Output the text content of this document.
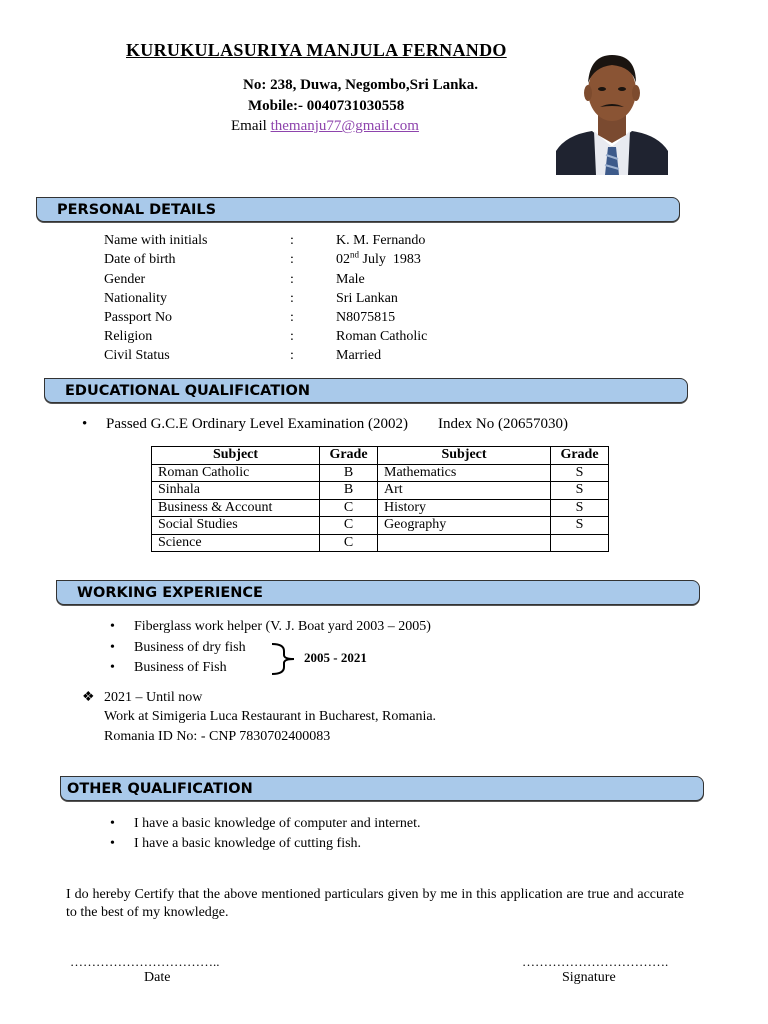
KURUKULASURIYA MANJULA FERNANDO
No: 238, Duwa, Negombo,Sri Lanka.
Mobile:- 0040731030558
Email themanju77@gmail.com
PERSONAL DETAILS
Name with initials	:	K. M. Fernando
Date of birth	:	02nd July  1983
Gender	:	Male
Nationality	:	Sri Lankan
Passport No	:	N8075815
Religion	:	Roman Catholic
Civil Status	:	Married
EDUCATIONAL QUALIFICATION
• Passed G.C.E Ordinary Level Examination (2002) Index No (20657030)
Subject	Grade	Subject	Grade
Roman Catholic	B	Mathematics	S
Sinhala	B	Art	S
Business & Account	C	History	S
Social Studies	C	Geography	S
Science	C		
WORKING EXPERIENCE
• Fiberglass work helper (V. J. Boat yard 2003 – 2005)
• Business of dry fish
• Business of Fish
2005 - 2021
❖ 2021 – Until now
Work at Simigeria Luca Restaurant in Bucharest, Romania.
Romania ID No: - CNP 7830702400083
OTHER QUALIFICATION
• I have a basic knowledge of computer and internet.
• I have a basic knowledge of cutting fish.
I do hereby Certify that the above mentioned particulars given by me in this application are true and accurate to the best of my knowledge.
……………………………..
Date
…………………………….
Signature
